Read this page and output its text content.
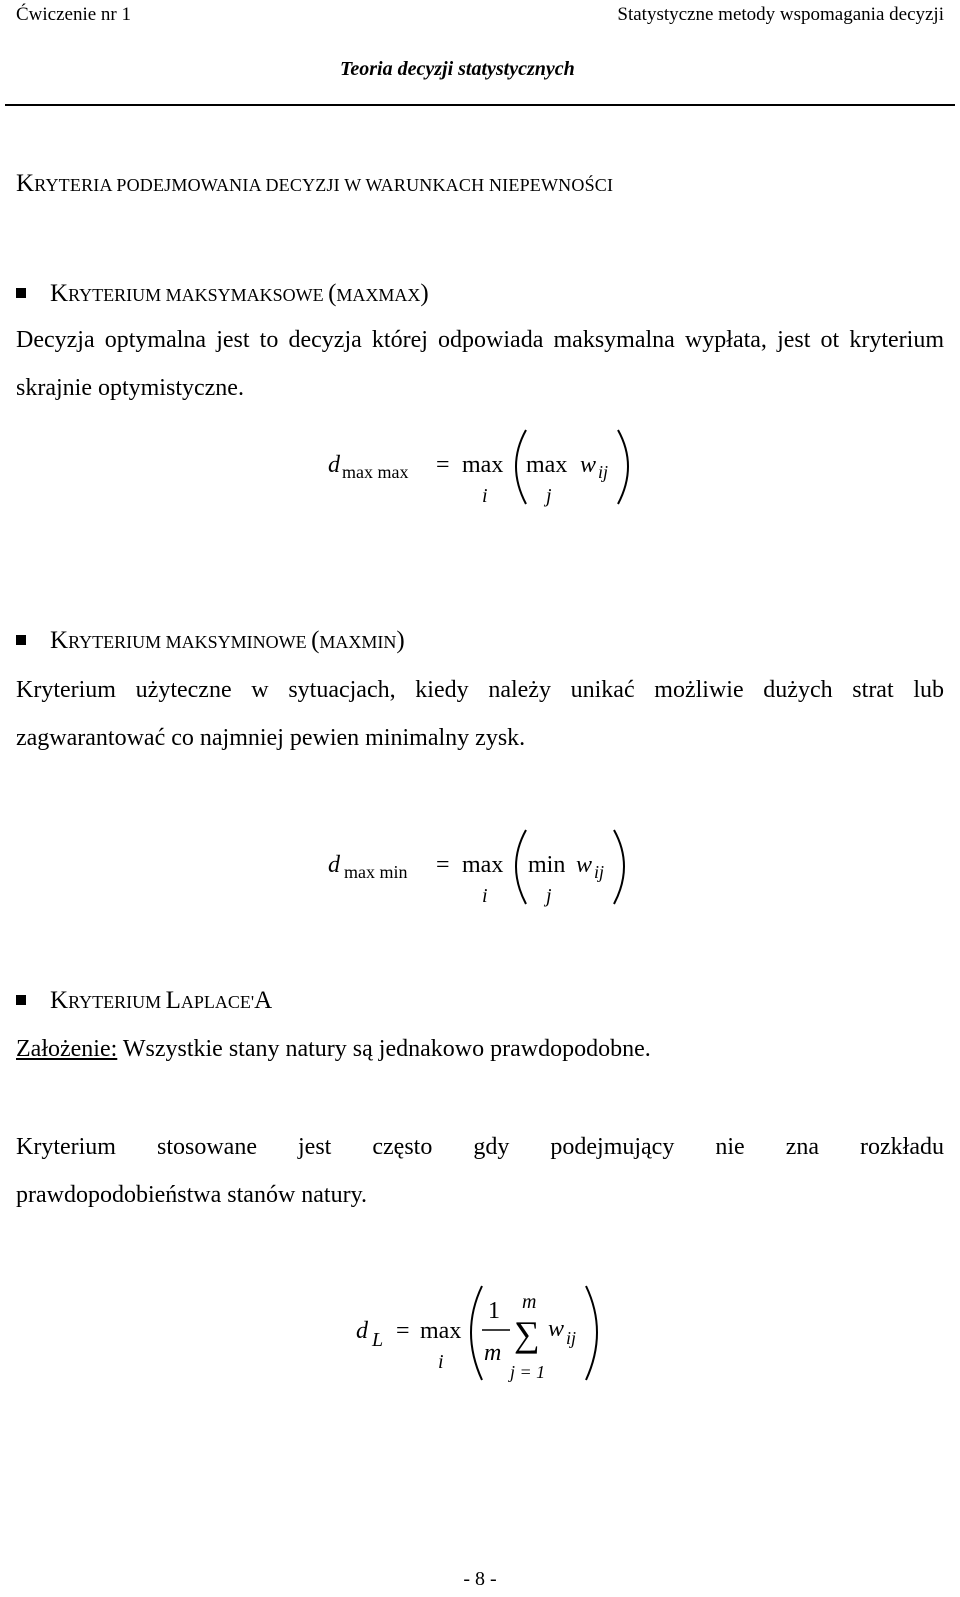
Ćwiczenie nr 1	Statystyczne metody wspomagania decyzji
Teoria decyzji statystycznych
KRYTERIA PODEJMOWANIA DECYZJI W WARUNKACH NIEPEWNOŚCI
KRYTERIUM MAKSYMAKSOWE (MAXMAX)
Decyzja optymalna jest to decyzja której odpowiada maksymalna wypłata, jest ot kryterium skrajnie optymistyczne.
d max max = max
i
max
j
w ij
KRYTERIUM MAKSYMINOWE (MAXMIN)
Kryterium użyteczne w sytuacjach, kiedy należy unikać możliwie dużych strat lub zagwarantować co najmniej pewien minimalny zysk.
d max min = max
i
min
j
w ij
KRYTERIUM LAPLACE'A
Założenie: Wszystkie stany natury są jednakowo prawdopodobne.
Kryterium stosowane jest często gdy podejmujący nie zna rozkładu
prawdopodobieństwa stanów natury.
d L = max
i
1
m
m
∑
j = 1
w ij
- 8 -
